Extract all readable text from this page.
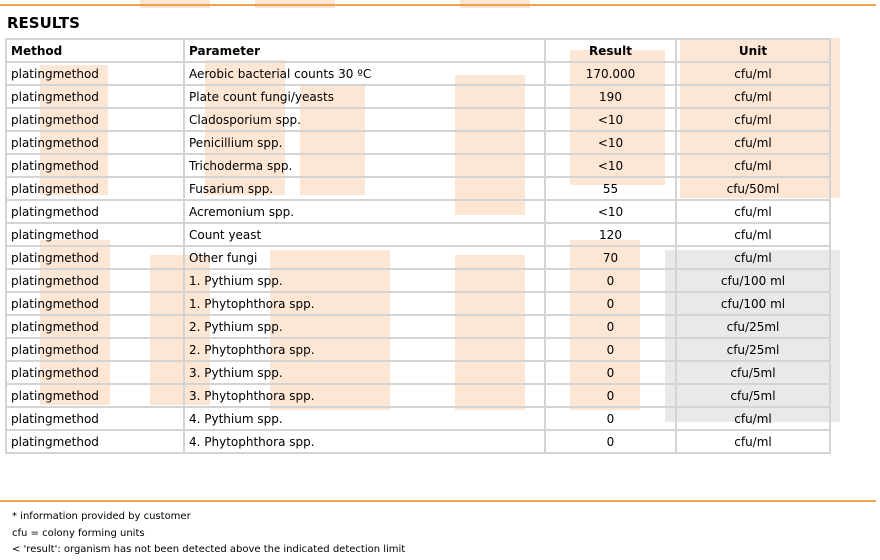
RESULTS
Method	Parameter	Result	Unit
platingmethod	Aerobic bacterial counts 30 ºC	170.000	cfu/ml
platingmethod	Plate count fungi/yeasts	190	cfu/ml
platingmethod	Cladosporium spp.	<10	cfu/ml
platingmethod	Penicillium spp.	<10	cfu/ml
platingmethod	Trichoderma spp.	<10	cfu/ml
platingmethod	Fusarium spp.	55	cfu/50ml
platingmethod	Acremonium spp.	<10	cfu/ml
platingmethod	Count yeast	120	cfu/ml
platingmethod	Other fungi	70	cfu/ml
platingmethod	1. Pythium spp.	0	cfu/100 ml
platingmethod	1. Phytophthora spp.	0	cfu/100 ml
platingmethod	2. Pythium spp.	0	cfu/25ml
platingmethod	2. Phytophthora spp.	0	cfu/25ml
platingmethod	3. Pythium spp.	0	cfu/5ml
platingmethod	3. Phytophthora spp.	0	cfu/5ml
platingmethod	4. Pythium spp.	0	cfu/ml
platingmethod	4. Phytophthora spp.	0	cfu/ml
* information provided by customer
cfu = colony forming units
< 'result': organism has not been detected above the indicated detection limit
